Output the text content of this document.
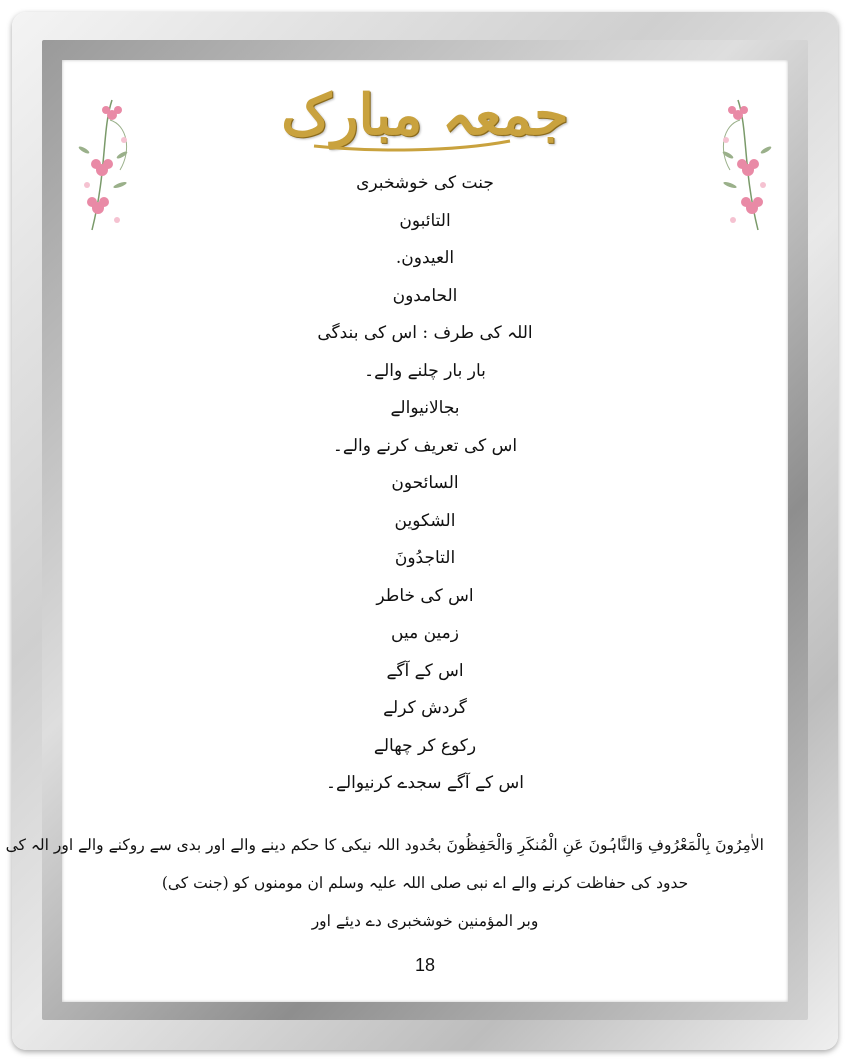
جمعہ مبارک
جنت کی خوشخبری
التائبون
العیدون.
الحامدون
اللہ کی طرف : اس کی بندگی
بار بار چلنے والے۔
بجالانیوالے
اس کی تعریف کرنے والے۔
السائحون
الشکوین
التاجدُونَ
اس کی خاطر
زمین میں
اس کے آگے
گردش کرلے
رکوع کر چھالے
اس کے آگے سجدے کرنیوالے۔
الاٰمِرُونَ بِالْمَعْرُوفِ وَالنَّاہُونَ عَنِ الْمُنکَرِ وَالْحَفِظُونَ بحُدود اللہ نیکی کا حکم دینے والے اور بدی سے روکنے والے اور الہ کی
حدود کی حفاظت کرنے والے اے نبی صلی اللہ علیہ وسلم ان مومنوں کو (جنت کی)
وبر المؤمنین خوشخبری دے دیئے اور
18
